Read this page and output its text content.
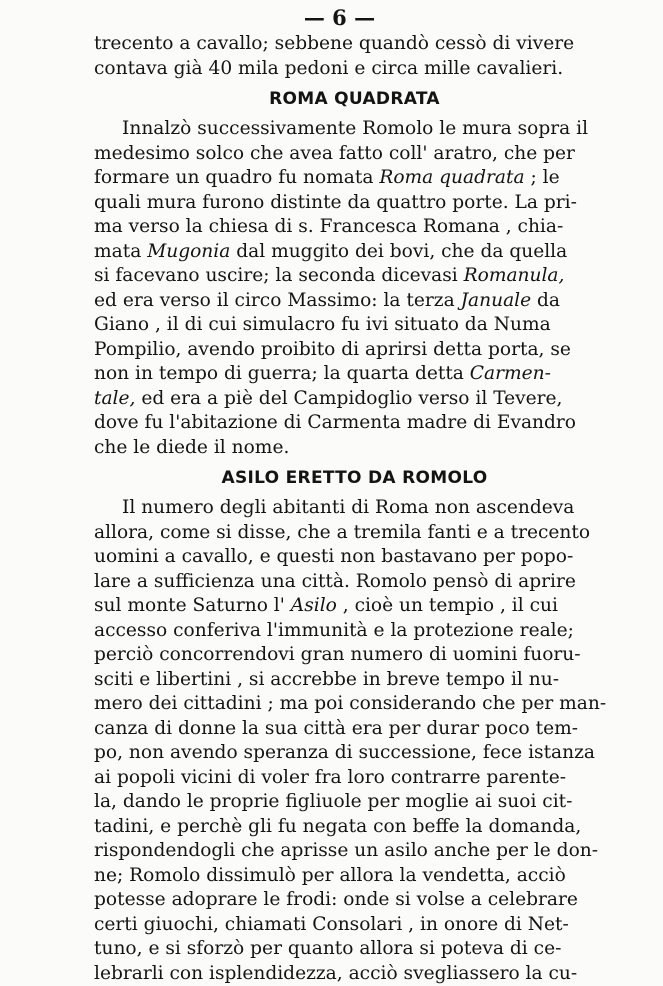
— 6 —

trecento a cavallo; sebbene quandò cessò di vivere
contava già 40 mila pedoni e circa mille cavalieri.

ROMA QUADRATA

Innalzò successivamente Romolo le mura sopra il
medesimo solco che avea fatto coll' aratro, che per
formare un quadro fu nomata Roma quadrata ; le
quali mura furono distinte da quattro porte. La pri-
ma verso la chiesa di s. Francesca Romana , chia-
mata Mugonia dal muggito dei bovi, che da quella
si facevano uscire; la seconda dicevasi Romanula,
ed era verso il circo Massimo: la terza Januale da
Giano , il di cui simulacro fu ivi situato da Numa
Pompilio, avendo proibito di aprirsi detta porta, se
non in tempo di guerra; la quarta detta Carmen-
tale, ed era a piè del Campidoglio verso il Tevere,
dove fu l'abitazione di Carmenta madre di Evandro
che le diede il nome.

ASILO ERETTO DA ROMOLO

Il numero degli abitanti di Roma non ascendeva
allora, come si disse, che a tremila fanti e a trecento
uomini a cavallo, e questi non bastavano per popo-
lare a sufficienza una città. Romolo pensò di aprire
sul monte Saturno l' Asilo , cioè un tempio , il cui
accesso conferiva l'immunità e la protezione reale;
perciò concorrendovi gran numero di uomini fuoru-
sciti e libertini , si accrebbe in breve tempo il nu-
mero dei cittadini ; ma poi considerando che per man-
canza di donne la sua città era per durar poco tem-
po, non avendo speranza di successione, fece istanza
ai popoli vicini di voler fra loro contrarre parente-
la, dando le proprie figliuole per moglie ai suoi cit-
tadini, e perchè gli fu negata con beffe la domanda,
rispondendogli che aprisse un asilo anche per le don-
ne; Romolo dissimulò per allora la vendetta, acciò
potesse adoprare le frodi: onde si volse a celebrare
certi giuochi, chiamati Consolari , in onore di Net-
tuno, e si sforzò per quanto allora si poteva di ce-
lebrarli con isplendidezza, acciò svegliassero la cu-
